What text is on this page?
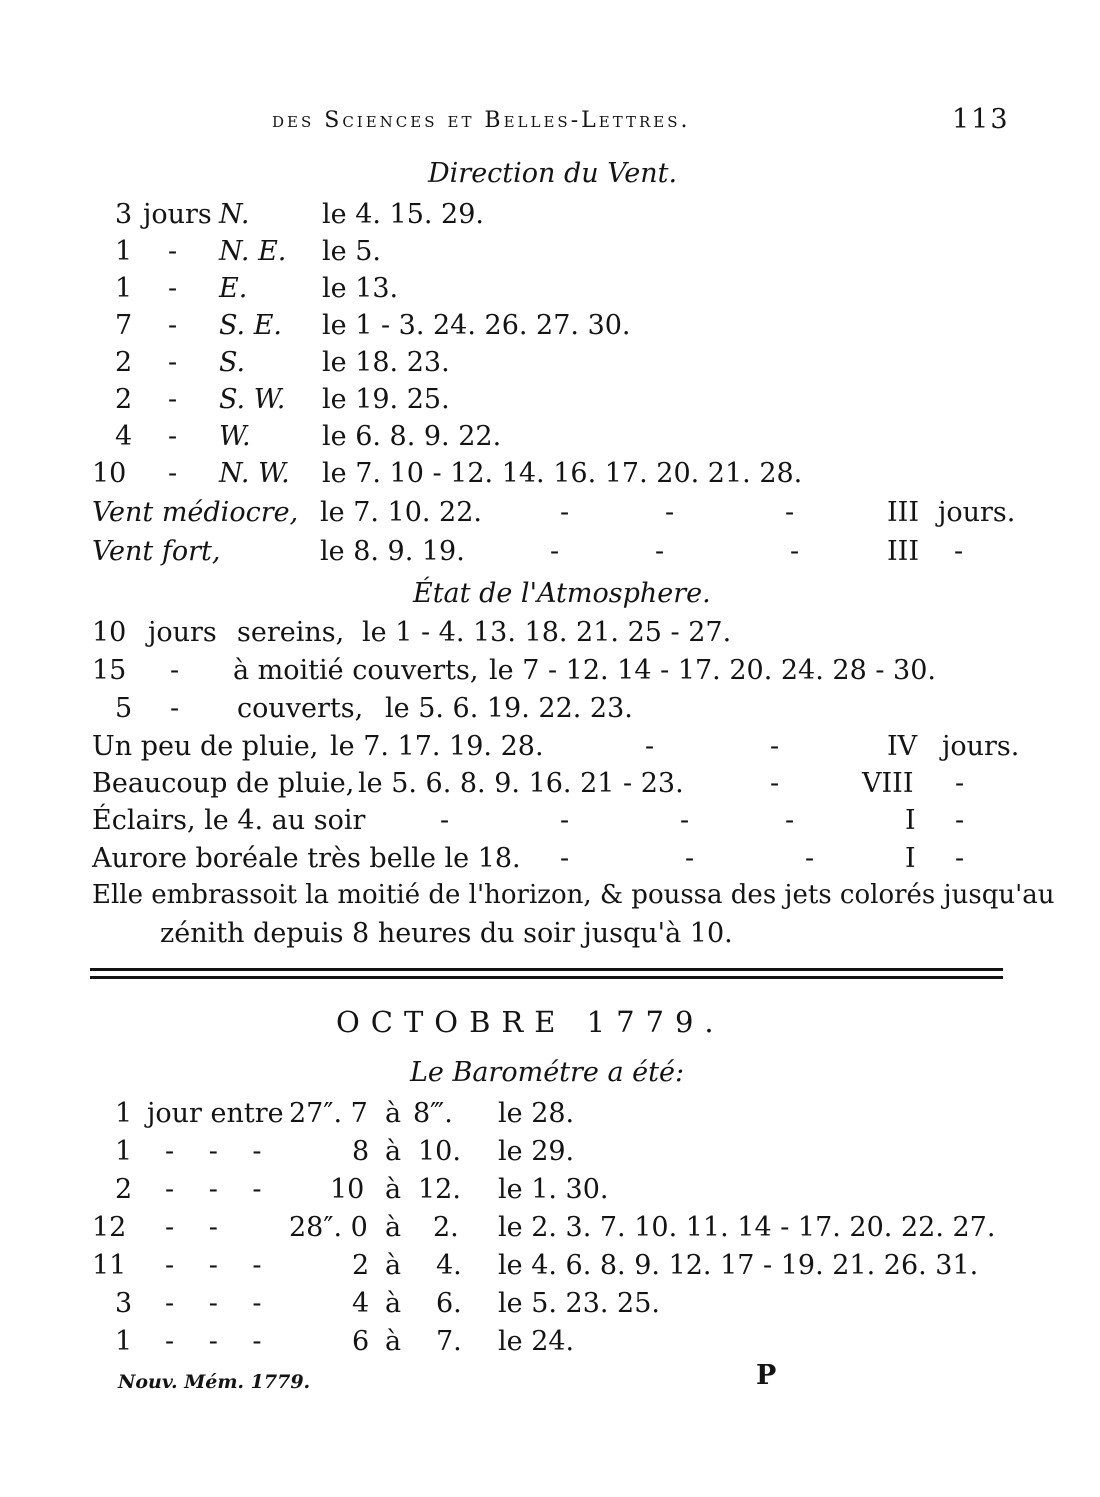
des Sciences et Belles-Lettres.	113
Direction du Vent.
3 jours N.	le 4. 15. 29.
1 - N. E. le 5.
1 - E.	le 13.
7 - S. E. le 1 - 3. 24. 26. 27. 30.
2 - S.	le 18. 23.
2 - S. W. le 19. 25.
4 - W.	le 6. 8. 9. 22.
10 - N. W. le 7. 10 - 12. 14. 16. 17. 20. 21. 28.
Vent médiocre, le 7. 10. 22.	-	-	-	III jours.
Vent fort,	le 8. 9. 19.	-	-	-	III -
État de l'Atmosphere.
10 jours sereins, le 1 - 4. 13. 18. 21. 25 - 27.
15 - à moitié couverts, le 7 - 12. 14 - 17. 20. 24. 28 - 30.
5 - couverts, le 5. 6. 19. 22. 23.
Un peu de pluie, le 7. 17. 19. 28.	-	-	IV jours.
Beaucoup de pluie, le 5. 6. 8. 9. 16. 21 - 23.	-	VIII -
Éclairs, le 4. au soir	-	-	-	-	I -
Aurore boréale très belle le 18. -	-	-	I -
Elle embrassoit la moitié de l'horizon, & poussa des jets colorés jusqu'au
zénith depuis 8 heures du soir jusqu'à 10.
OCTOBRE 1779.
Le Barométre a été:
1 jour entre 27″. 7 à 8‴. le 28.
1 - - -	8 à 10. le 29.
2 - - -	10 à 12. le 1. 30.
12 - -	28″. 0 à 2. le 2. 3. 7. 10. 11. 14 - 17. 20. 22. 27.
11 - - -	2 à 4. le 4. 6. 8. 9. 12. 17 - 19. 21. 26. 31.
3 - - -	4 à 6. le 5. 23. 25.
1 - - -	6 à 7. le 24.
Nouv. Mém. 1779.	P
